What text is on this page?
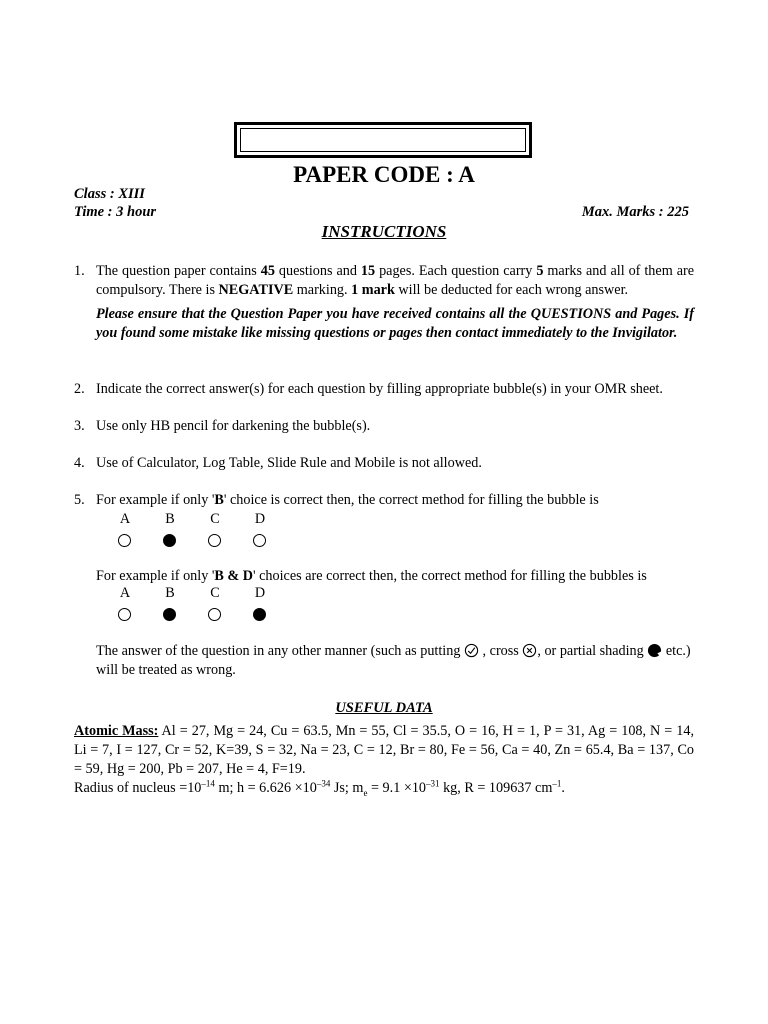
PAPER CODE : A
Class : XIII
Time : 3 hour	Max. Marks : 225
INSTRUCTIONS
1. The question paper contains 45 questions and 15 pages. Each question carry 5 marks and all of them are compulsory. There is NEGATIVE marking. 1 mark will be deducted for each wrong answer.
Please ensure that the Question Paper you have received contains all the QUESTIONS and Pages. If you found some mistake like missing questions or pages then contact immediately to the Invigilator.
2. Indicate the correct answer(s) for each question by filling appropriate bubble(s) in your OMR sheet.
3. Use only HB pencil for darkening the bubble(s).
4. Use of Calculator, Log Table, Slide Rule and Mobile is not allowed.
5. For example if only 'B' choice is correct then, the correct method for filling the bubble is
A	B	C	D
For example if only 'B & D' choices are correct then, the correct method for filling the bubbles is
A	B	C	D
The answer of the question in any other manner (such as putting  , cross , or partial shading  etc.) will be treated as wrong.
USEFUL DATA
Atomic Mass: Al = 27, Mg = 24, Cu = 63.5, Mn = 55, Cl = 35.5, O = 16, H = 1, P = 31, Ag = 108, N = 14, Li = 7, I = 127, Cr = 52, K=39, S = 32, Na = 23, C = 12, Br = 80, Fe = 56, Ca = 40, Zn = 65.4, Ba = 137, Co = 59, Hg = 200, Pb = 207, He = 4, F=19.
Radius of nucleus $=10^{-14}$ m; $h = 6.626 \times 10^{-34}$ Js; $m_e = 9.1 \times 10^{-31}$ kg, R = 109637 $cm^{-1}$.
